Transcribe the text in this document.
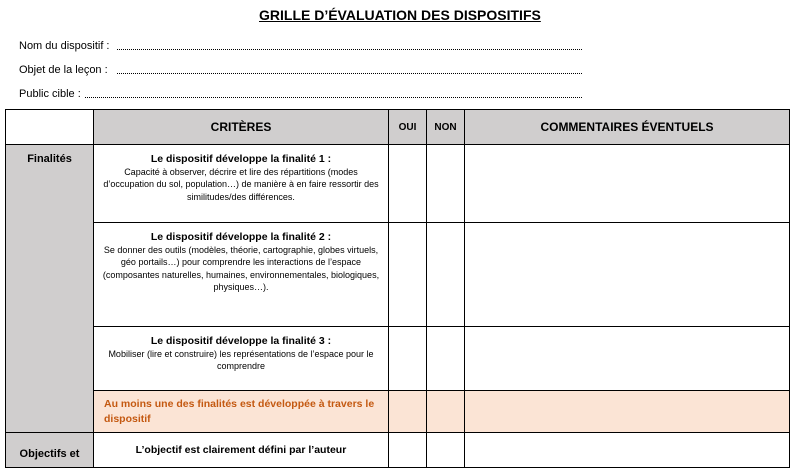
GRILLE D’ÉVALUATION DES DISPOSITIFS
Nom du dispositif :
Objet de la leçon :
Public cible :
	CRITÈRES	OUI	NON	COMMENTAIRES ÉVENTUELS
Finalités	Le dispositif développe la finalité 1 :
Capacité à observer, décrire et lire des répartitions (modes d’occupation du sol, population…) de manière à en faire ressortir des similitudes/des différences.			

	Le dispositif développe la finalité 2 :
Se donner des outils (modèles, théorie, cartographie, globes virtuels, géo portails…) pour comprendre les interactions de l’espace (composantes naturelles, humaines, environnementales, biologiques, physiques…).			

	Le dispositif développe la finalité 3 :
Mobiliser (lire et construire) les représentations de l’espace pour le comprendre			

	Au moins une des finalités est développée à travers le dispositif			
Objectifs et	L’objectif est clairement défini par l’auteur			
